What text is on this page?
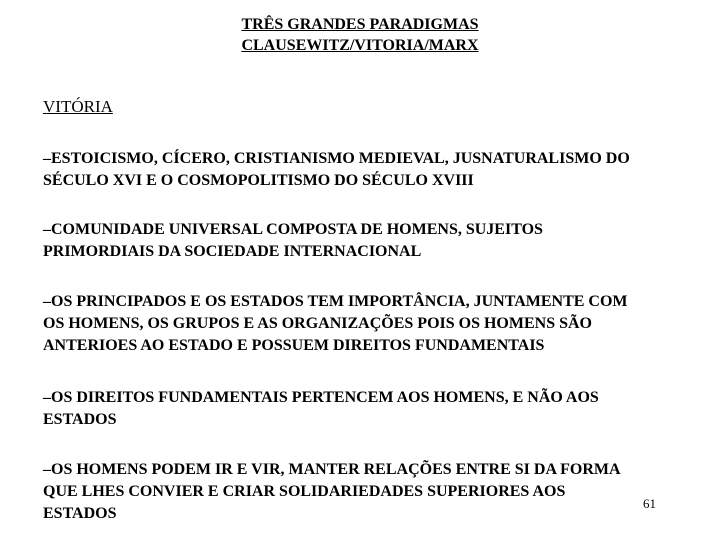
TRÊS GRANDES PARADIGMAS
CLAUSEWITZ/VITORIA/MARX
VITÓRIA

–ESTOICISMO, CÍCERO, CRISTIANISMO MEDIEVAL, JUSNATURALISMO DO
SÉCULO XVI E O COSMOPOLITISMO DO SÉCULO XVIII

–COMUNIDADE UNIVERSAL COMPOSTA DE HOMENS, SUJEITOS
PRIMORDIAIS DA SOCIEDADE INTERNACIONAL

–OS PRINCIPADOS E OS ESTADOS TEM IMPORTÂNCIA, JUNTAMENTE COM
OS HOMENS, OS GRUPOS E AS ORGANIZAÇÕES POIS OS HOMENS SÃO
ANTERIOES AO ESTADO E POSSUEM DIREITOS FUNDAMENTAIS

–OS DIREITOS FUNDAMENTAIS PERTENCEM AOS HOMENS, E NÃO AOS
ESTADOS

–OS HOMENS PODEM IR E VIR, MANTER RELAÇÕES ENTRE SI DA FORMA
QUE LHES CONVIER E CRIAR SOLIDARIEDADES SUPERIORES AOS
ESTADOS

61
